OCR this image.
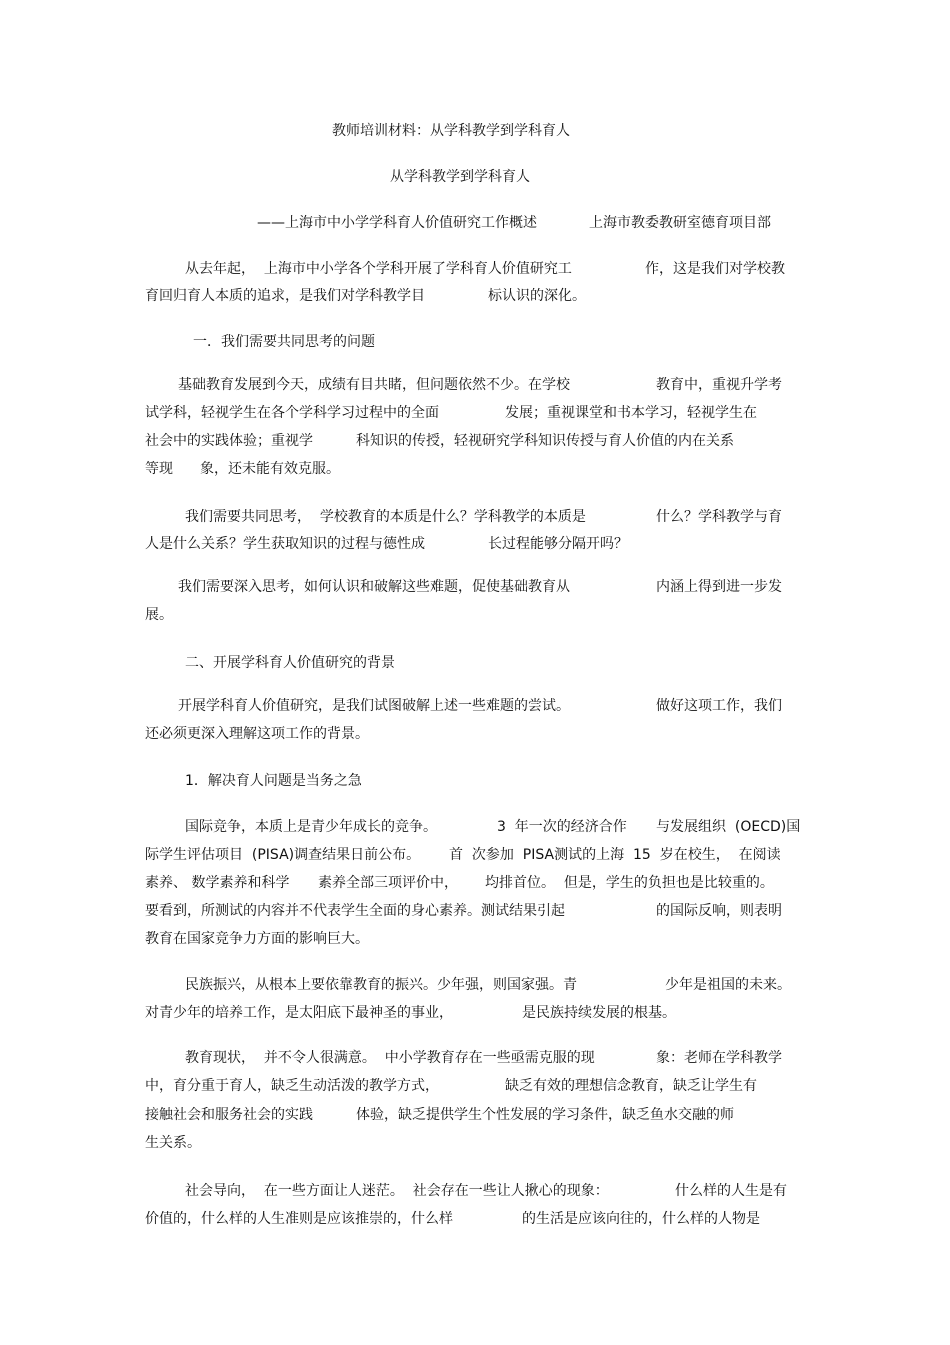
教师培训材料：从学科教学到学科育人
从学科教学到学科育人
——上海市中小学学科育人价值研究工作概述	上海市教委教研室德育项目部
从去年起，  上海市中小学各个学科开展了学科育人价值研究工	作，这是我们对学校教
育回归育人本质的追求，是我们对学科教学目	标认识的深化。
一．我们需要共同思考的问题
基础教育发展到今天，成绩有目共睹，但问题依然不少。在学校	教育中，重视升学考
试学科，轻视学生在各个学科学习过程中的全面	发展；重视课堂和书本学习，轻视学生在
社会中的实践体验；重视学	科知识的传授，轻视研究学科知识传授与育人价值的内在关系
等现 象，还未能有效克服。
我们需要共同思考，  学校教育的本质是什么？学科教学的本质是	什么？学科教学与育
人是什么关系？学生获取知识的过程与德性成	长过程能够分隔开吗？
我们需要深入思考，如何认识和破解这些难题，促使基础教育从	内涵上得到进一步发
展。
二、开展学科育人价值研究的背景
开展学科育人价值研究，是我们试图破解上述一些难题的尝试。	做好这项工作，我们
还必须更深入理解这项工作的背景。
1．解决育人问题是当务之急
国际竞争，本质上是青少年成长的竞争。	3  年一次的经济合作 与发展组织  (OECD)国
际学生评估项目  (PISA)调查结果日前公布。 首  次参加  PISA测试的上海  15  岁在校生，  在阅读
素养、 数学素养和科学 素养全部三项评价中， 均排首位。  但是，学生的负担也是比较重的。
要看到，所测试的内容并不代表学生全面的身心素养。测试结果引起	的国际反响，则表明
教育在国家竞争力方面的影响巨大。
民族振兴，从根本上要依靠教育的振兴。少年强，则国家强。青	少年是祖国的未来。
对青少年的培养工作，是太阳底下最神圣的事业，	是民族持续发展的根基。
教育现状，  并不令人很满意。  中小学教育存在一些亟需克服的现	象：老师在学科教学
中，育分重于育人，缺乏生动活泼的教学方式，	缺乏有效的理想信念教育，缺乏让学生有
接触社会和服务社会的实践	体验，缺乏提供学生个性发展的学习条件，缺乏鱼水交融的师
生关系。
社会导向，  在一些方面让人迷茫。  社会存在一些让人揪心的现象：	什么样的人生是有
价值的，什么样的人生准则是应该推崇的，什么样	的生活是应该向往的，什么样的人物是
